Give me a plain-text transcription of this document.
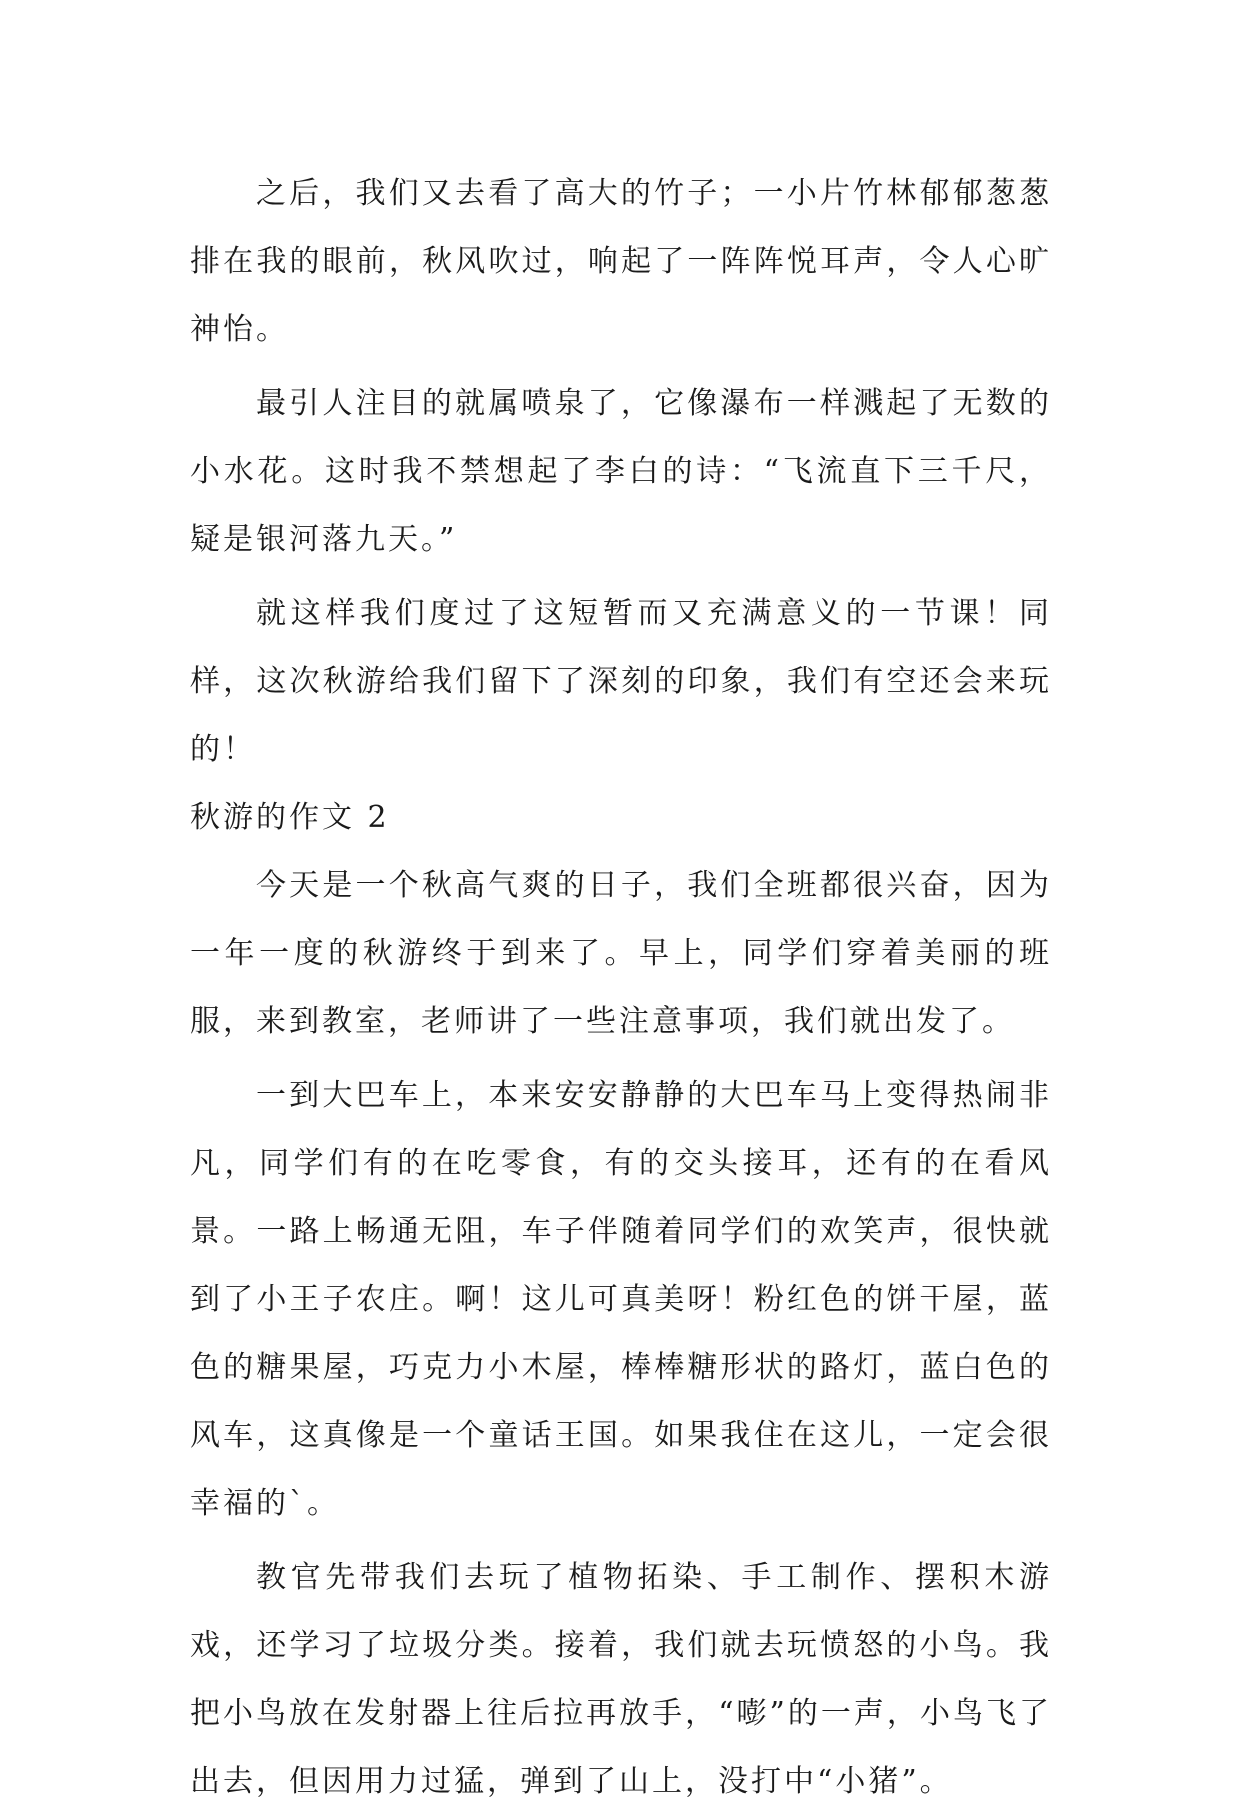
之后，我们又去看了高大的竹子；一小片竹林郁郁葱葱排在我的眼前，秋风吹过，响起了一阵阵悦耳声，令人心旷神怡。

最引人注目的就属喷泉了，它像瀑布一样溅起了无数的小水花。这时我不禁想起了李白的诗：“飞流直下三千尺，疑是银河落九天。”

就这样我们度过了这短暂而又充满意义的一节课！同样，这次秋游给我们留下了深刻的印象，我们有空还会来玩的！

秋游的作文 2

今天是一个秋高气爽的日子，我们全班都很兴奋，因为一年一度的秋游终于到来了。早上，同学们穿着美丽的班服，来到教室，老师讲了一些注意事项，我们就出发了。

一到大巴车上，本来安安静静的大巴车马上变得热闹非凡，同学们有的在吃零食，有的交头接耳，还有的在看风景。一路上畅通无阻，车子伴随着同学们的欢笑声，很快就到了小王子农庄。啊！这儿可真美呀！粉红色的饼干屋，蓝色的糖果屋，巧克力小木屋，棒棒糖形状的路灯，蓝白色的风车，这真像是一个童话王国。如果我住在这儿，一定会很幸福的`。

教官先带我们去玩了植物拓染、手工制作、摆积木游戏，还学习了垃圾分类。接着，我们就去玩愤怒的小鸟。我把小鸟放在发射器上往后拉再放手，“嘭”的一声，小鸟飞了出去，但因用力过猛，弹到了山上，没打中“小猪”。
